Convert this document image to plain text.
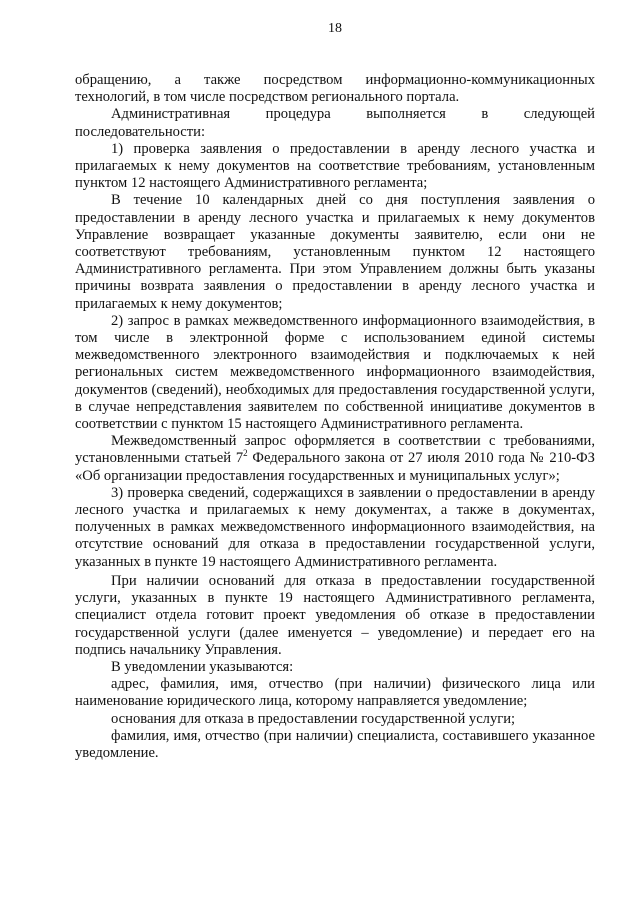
18

обращению, а также посредством информационно-коммуникационных технологий, в том числе посредством регионального портала.

Административная процедура выполняется в следующей последовательности:

1) проверка заявления о предоставлении в аренду лесного участка и прилагаемых к нему документов на соответствие требованиям, установленным пунктом 12 настоящего Административного регламента;

В течение 10 календарных дней со дня поступления заявления о предоставлении в аренду лесного участка и прилагаемых к нему документов Управление возвращает указанные документы заявителю, если они не соответствуют требованиям, установленным пунктом 12 настоящего Административного регламента. При этом Управлением должны быть указаны причины возврата заявления о предоставлении в аренду лесного участка и прилагаемых к нему документов;

2) запрос в рамках межведомственного информационного взаимодействия, в том числе в электронной форме с использованием единой системы межведомственного электронного взаимодействия и подключаемых к ней региональных систем межведомственного информационного взаимодействия, документов (сведений), необходимых для предоставления государственной услуги, в случае непредставления заявителем по собственной инициативе документов в соответствии с пунктом 15 настоящего Административного регламента.

Межведомственный запрос оформляется в соответствии с требованиями, установленными статьей $7^2$ Федерального закона от 27 июля 2010 года № 210-ФЗ «Об организации предоставления государственных и муниципальных услуг»;

3) проверка сведений, содержащихся в заявлении о предоставлении в аренду лесного участка и прилагаемых к нему документах, а также в документах, полученных в рамках межведомственного информационного взаимодействия, на отсутствие оснований для отказа в предоставлении государственной услуги, указанных в пункте 19 настоящего Административного регламента.

При наличии оснований для отказа в предоставлении государственной услуги, указанных в пункте 19 настоящего Административного регламента, специалист отдела готовит проект уведомления об отказе в предоставлении государственной услуги (далее именуется – уведомление) и передает его на подпись начальнику Управления.

В уведомлении указываются:

адрес, фамилия, имя, отчество (при наличии) физического лица или наименование юридического лица, которому направляется уведомление;

основания для отказа в предоставлении государственной услуги;

фамилия, имя, отчество (при наличии) специалиста, составившего указанное уведомление.
